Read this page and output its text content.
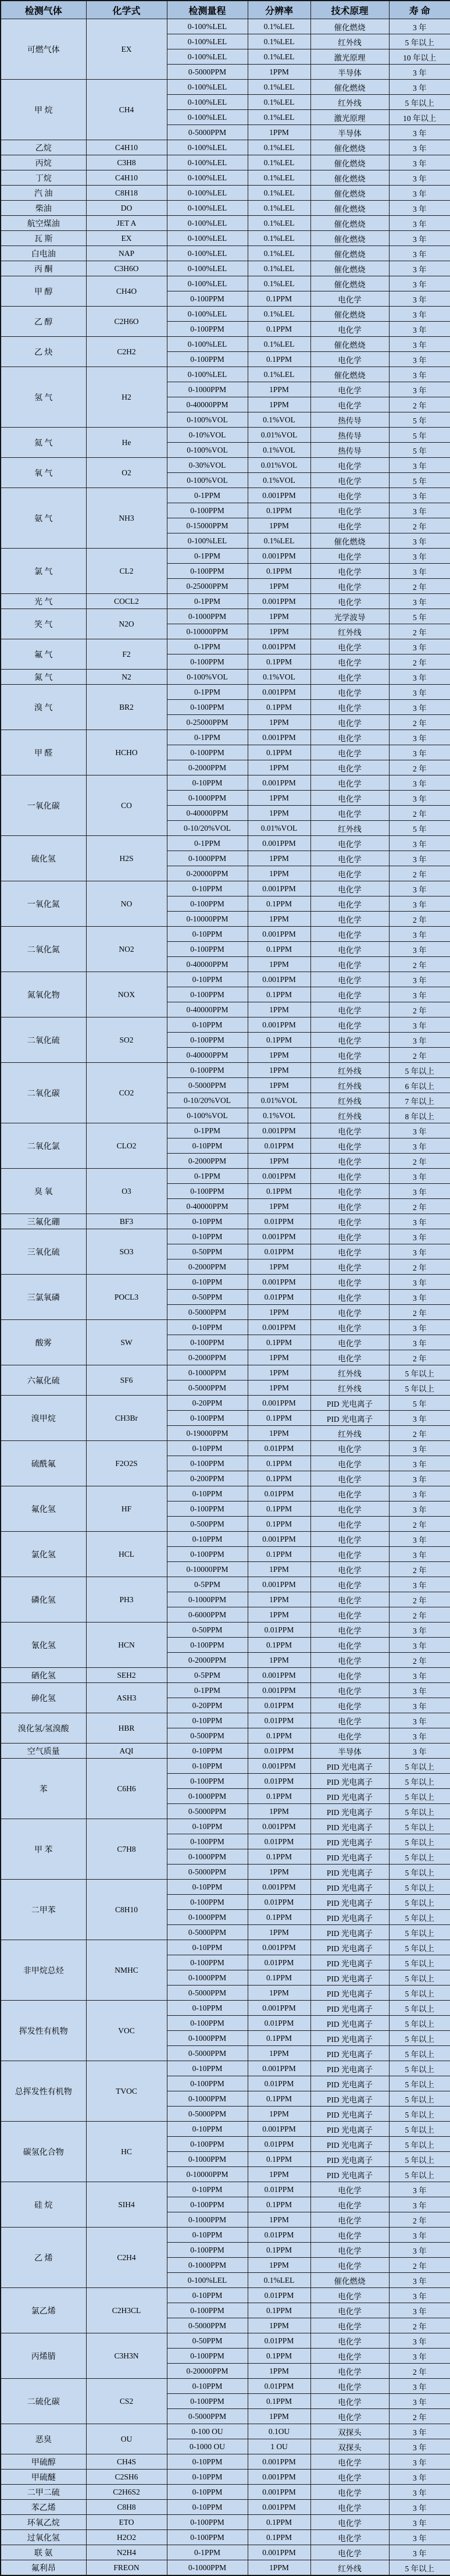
检测气体	化学式	检测量程	分辨率	技术原理	寿 命
可燃气体	EX	0-100%LEL	0.1%LEL	催化燃烧	3 年
		0-100%LEL	0.1%LEL	红外线	5 年以上
		0-100%LEL	0.1%LEL	激光原理	10 年以上
		0-5000PPM	1PPM	半导体	3 年
甲 烷	CH4	0-100%LEL	0.1%LEL	催化燃烧	3 年
		0-100%LEL	0.1%LEL	红外线	5 年以上
		0-100%LEL	0.1%LEL	激光原理	10 年以上
		0-5000PPM	1PPM	半导体	3 年
乙烷	C4H10	0-100%LEL	0.1%LEL	催化燃烧	3 年
丙烷	C3H8	0-100%LEL	0.1%LEL	催化燃烧	3 年
丁烷	C4H10	0-100%LEL	0.1%LEL	催化燃烧	3 年
汽 油	C8H18	0-100%LEL	0.1%LEL	催化燃烧	3 年
柴油	DO	0-100%LEL	0.1%LEL	催化燃烧	3 年
航空煤油	JET A	0-100%LEL	0.1%LEL	催化燃烧	3 年
瓦 斯	EX	0-100%LEL	0.1%LEL	催化燃烧	3 年
白电油	NAP	0-100%LEL	0.1%LEL	催化燃烧	3 年
丙 酮	C3H6O	0-100%LEL	0.1%LEL	催化燃烧	3 年
甲 醇	CH4O	0-100%LEL	0.1%LEL	催化燃烧	3 年
		0-100PPM	0.1PPM	电化学	3 年
乙 醇	C2H6O	0-100%LEL	0.1%LEL	催化燃烧	3 年
		0-100PPM	0.1PPM	电化学	3 年
乙 炔	C2H2	0-100%LEL	0.1%LEL	催化燃烧	3 年
		0-100PPM	0.1PPM	电化学	3 年
氢 气	H2	0-100%LEL	0.1%LEL	催化燃烧	3 年
		0-1000PPM	1PPM	电化学	3 年
		0-40000PPM	1PPM	电化学	2 年
		0-100%VOL	0.1%VOL	热传导	5 年
氦 气	He	0-10%VOL	0.01%VOL	热传导	5 年
		0-100%VOL	0.1%VOL	热传导	5 年
氧 气	O2	0-30%VOL	0.01%VOL	电化学	3 年
		0-100%VOL	0.1%VOL	电化学	5 年
氨 气	NH3	0-1PPM	0.001PPM	电化学	3 年
		0-100PPM	0.1PPM	电化学	3 年
		0-15000PPM	1PPM	电化学	2 年
		0-100%LEL	0.1%LEL	催化燃烧	3 年
氯 气	CL2	0-1PPM	0.001PPM	电化学	3 年
		0-100PPM	0.1PPM	电化学	3 年
		0-25000PPM	1PPM	电化学	2 年
光 气	COCL2	0-1PPM	0.001PPM	电化学	3 年
笑 气	N2O	0-1000PPM	1PPM	光学波导	5 年
		0-10000PPM	1PPM	红外线	2 年
氟 气	F2	0-1PPM	0.001PPM	电化学	3 年
		0-100PPM	0.1PPM	电化学	2 年
氮 气	N2	0-100%VOL	0.1%VOL	电化学	3 年
溴 气	BR2	0-1PPM	0.001PPM	电化学	3 年
		0-100PPM	0.1PPM	电化学	3 年
		0-25000PPM	1PPM	电化学	2 年
甲 醛	HCHO	0-1PPM	0.001PPM	电化学	3 年
		0-100PPM	0.1PPM	电化学	3 年
		0-2000PPM	1PPM	电化学	2 年
一氧化碳	CO	0-10PPM	0.001PPM	电化学	3 年
		0-1000PPM	1PPM	电化学	3 年
		0-40000PPM	1PPM	电化学	2 年
		0-10/20%VOL	0.01%VOL	红外线	5 年
硫化氢	H2S	0-1PPM	0.001PPM	电化学	3 年
		0-1000PPM	1PPM	电化学	3 年
		0-20000PPM	1PPM	电化学	2 年
一氧化氮	NO	0-10PPM	0.001PPM	电化学	3 年
		0-100PPM	0.1PPM	电化学	3 年
		0-10000PPM	1PPM	电化学	2 年
二氧化氮	NO2	0-10PPM	0.001PPM	电化学	3 年
		0-100PPM	0.1PPM	电化学	3 年
		0-40000PPM	1PPM	电化学	2 年
氮氧化物	NOX	0-10PPM	0.001PPM	电化学	3 年
		0-100PPM	0.1PPM	电化学	3 年
		0-40000PPM	1PPM	电化学	2 年
二氧化硫	SO2	0-10PPM	0.001PPM	电化学	3 年
		0-100PPM	0.1PPM	电化学	3 年
		0-40000PPM	1PPM	电化学	2 年
二氧化碳	CO2	0-100PPM	1PPM	红外线	5 年以上
		0-5000PPM	1PPM	红外线	6 年以上
		0-10/20%VOL	0.01%VOL	红外线	7 年以上
		0-100%VOL	0.1%VOL	红外线	8 年以上
二氧化氯	CLO2	0-1PPM	0.001PPM	电化学	3 年
		0-10PPM	0.01PPM	电化学	3 年
		0-2000PPM	1PPM	电化学	2 年
臭 氧	O3	0-1PPM	0.001PPM	电化学	3 年
		0-100PPM	0.1PPM	电化学	3 年
		0-40000PPM	1PPM	电化学	2 年
三氟化硼	BF3	0-10PPM	0.01PPM	电化学	3 年
三氧化硫	SO3	0-10PPM	0.001PPM	电化学	3 年
		0-50PPM	0.01PPM	电化学	3 年
		0-2000PPM	1PPM	电化学	2 年
三氯氧磷	POCL3	0-10PPM	0.001PPM	电化学	3 年
		0-50PPM	0.01PPM	电化学	3 年
		0-5000PPM	1PPM	电化学	2 年
酸雾	SW	0-10PPM	0.001PPM	电化学	3 年
		0-100PPM	0.1PPM	电化学	3 年
		0-2000PPM	1PPM	电化学	2 年
六氟化硫	SF6	0-1000PPM	1PPM	红外线	5 年以上
		0-5000PPM	1PPM	红外线	5 年以上
溴甲烷	CH3Br	0-20PPM	0.001PPM	PID 光电离子	5 年
		0-100PPM	0.1PPM	PID 光电离子	3 年
		0-19000PPM	1PPM	红外线	2 年
硫酰氟	F2O2S	0-10PPM	0.01PPM	电化学	3 年
		0-100PPM	0.1PPM	电化学	3 年
		0-200PPM	0.1PPM	电化学	3 年
氟化氢	HF	0-10PPM	0.01PPM	电化学	3 年
		0-100PPM	0.1PPM	电化学	3 年
		0-500PPM	0.1PPM	电化学	2 年
氯化氢	HCL	0-10PPM	0.001PPM	电化学	3 年
		0-100PPM	0.1PPM	电化学	3 年
		0-10000PPM	1PPM	电化学	2 年
磷化氢	PH3	0-5PPM	0.001PPM	电化学	3 年
		0-1000PPM	1PPM	电化学	2 年
		0-6000PPM	1PPM	电化学	2 年
氰化氢	HCN	0-50PPM	0.01PPM	电化学	3 年
		0-100PPM	0.1PPM	电化学	3 年
		0-2000PPM	1PPM	电化学	2 年
硒化氢	SEH2	0-5PPM	0.001PPM	电化学	3 年
砷化氢	ASH3	0-1PPM	0.001PPM	电化学	3 年
		0-20PPM	0.01PPM	电化学	3 年
溴化氢/氢溴酸	HBR	0-10PPM	0.01PPM	电化学	3 年
		0-500PPM	0.1PPM	电化学	3 年
空气质量	AQI	0-10PPM	0.01PPM	半导体	3 年
苯	C6H6	0-10PPM	0.001PPM	PID 光电离子	5 年以上
		0-100PPM	0.01PPM	PID 光电离子	5 年以上
		0-1000PPM	0.1PPM	PID 光电离子	5 年以上
		0-5000PPM	1PPM	PID 光电离子	5 年以上
甲 苯	C7H8	0-10PPM	0.001PPM	PID 光电离子	5 年以上
		0-100PPM	0.01PPM	PID 光电离子	5 年以上
		0-1000PPM	0.1PPM	PID 光电离子	5 年以上
		0-5000PPM	1PPM	PID 光电离子	5 年以上
二甲苯	C8H10	0-10PPM	0.001PPM	PID 光电离子	5 年以上
		0-100PPM	0.01PPM	PID 光电离子	5 年以上
		0-1000PPM	0.1PPM	PID 光电离子	5 年以上
		0-5000PPM	1PPM	PID 光电离子	5 年以上
非甲烷总烃	NMHC	0-10PPM	0.001PPM	PID 光电离子	5 年以上
		0-100PPM	0.01PPM	PID 光电离子	5 年以上
		0-1000PPM	0.1PPM	PID 光电离子	5 年以上
		0-5000PPM	1PPM	PID 光电离子	5 年以上
挥发性有机物	VOC	0-10PPM	0.001PPM	PID 光电离子	5 年以上
		0-100PPM	0.01PPM	PID 光电离子	5 年以上
		0-1000PPM	0.1PPM	PID 光电离子	5 年以上
		0-5000PPM	1PPM	PID 光电离子	5 年以上
总挥发性有机物	TVOC	0-10PPM	0.001PPM	PID 光电离子	5 年以上
		0-100PPM	0.01PPM	PID 光电离子	5 年以上
		0-1000PPM	0.1PPM	PID 光电离子	5 年以上
		0-5000PPM	1PPM	PID 光电离子	5 年以上
碳氢化合物	HC	0-10PPM	0.001PPM	PID 光电离子	5 年以上
		0-100PPM	0.01PPM	PID 光电离子	5 年以上
		0-1000PPM	0.1PPM	PID 光电离子	5 年以上
		0-10000PPM	1PPM	PID 光电离子	5 年以上
硅 烷	SIH4	0-10PPM	0.01PPM	电化学	3 年
		0-100PPM	0.1PPM	电化学	3 年
		0-1000PPM	1PPM	电化学	2 年
乙 烯	C2H4	0-10PPM	0.01PPM	电化学	3 年
		0-100PPM	0.1PPM	电化学	3 年
		0-1000PPM	1PPM	电化学	2 年
		0-100%LEL	0.1%LEL	催化燃烧	3 年
氯乙烯	C2H3CL	0-10PPM	0.01PPM	电化学	3 年
		0-100PPM	0.1PPM	电化学	3 年
		0-5000PPM	1PPM	电化学	2 年
丙烯腈	C3H3N	0-50PPM	0.01PPM	电化学	3 年
		0-100PPM	0.1PPM	电化学	3 年
		0-20000PPM	1PPM	电化学	2 年
二硫化碳	CS2	0-10PPM	0.01PPM	电化学	3 年
		0-100PPM	0.1PPM	电化学	3 年
		0-5000PPM	1PPM	电化学	2 年
恶臭	OU	0-100 OU	0.1OU	双探头	3 年
		0-1000 OU	1 OU	双探头	3 年
甲硫醇	CH4S	0-10PPM	0.001PPM	电化学	3 年
甲硫醚	C2SH6	0-10PPM	0.001PPM	电化学	3 年
二甲二硫	C2H6S2	0-10PPM	0.001PPM	电化学	3 年
苯乙烯	C8H8	0-10PPM	0.001PPM	电化学	3 年
环氧乙烷	ETO	0-100PPM	0.1PPM	电化学	3 年
过氧化氢	H2O2	0-100PPM	0.1PPM	电化学	3 年
联 氨	N2H4	0-1PPM	0.001PPM	电化学	3 年
氟利昂	FREON	0-1000PPM	1PPM	红外线	5 年以上
